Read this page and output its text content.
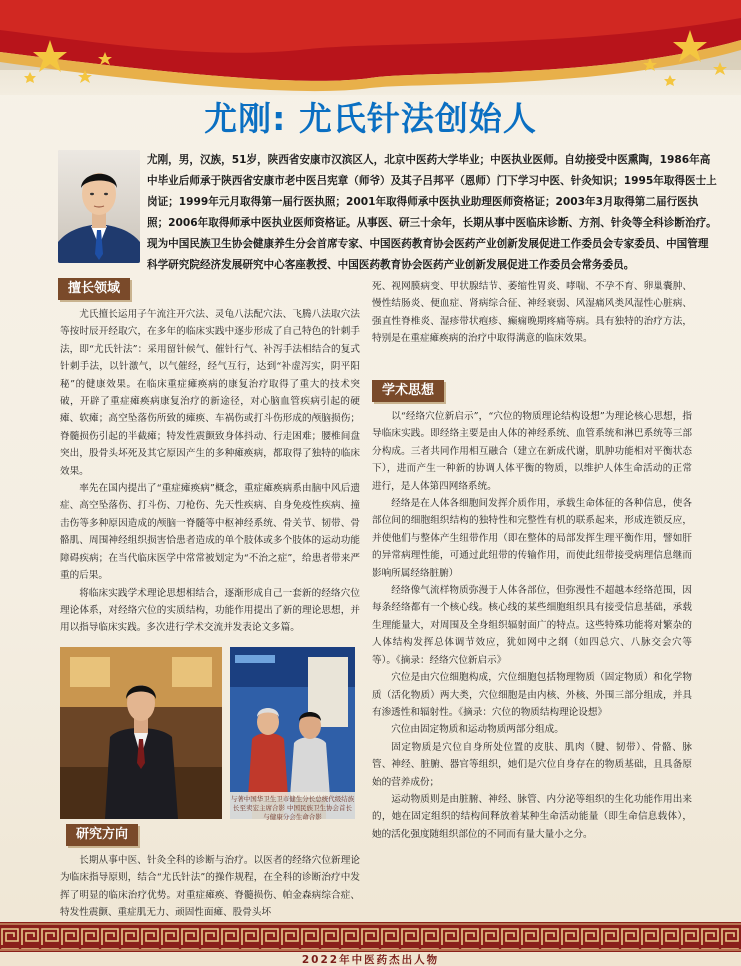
尤刚: 尤氏针法创始人

尤刚，男，汉族，51岁，陕西省安康市汉滨区人，北京中医药大学毕业；中医执业医师。自幼接受中医熏陶，1986年高中毕业后师承于陕西省安康市老中医吕宪章（师爷）及其子吕邦平（恩师）门下学习中医、针灸知识；1995年取得医士上岗证；1999年元月取得第一届行医执照；2001年取得师承中医执业助理医师资格证；2003年3月取得第二届行医执照；2006年取得师承中医执业医师资格证。从事医、研三十余年，长期从事中医临床诊断、方剂、针灸等全科诊断治疗。现为中国民族卫生协会健康养生分会首席专家、中国医药教育协会医药产业创新发展促进工作委员会专家委员、中国管理科学研究院经济发展研究中心客座教授、中国医药教育协会医药产业创新发展促进工作委员会常务委员。

擅长领域

尤氏擅长运用子午流注开穴法、灵龟八法配穴法、飞腾八法取穴法等按时辰开经取穴，在多年的临床实践中逐步形成了自己特色的针刺手法，即“尤氏针法”：采用留针候气、催针行气、补泻手法相结合的复式针刺手法，以针激气，以气催经，经气互行，达到“补虚泻实，阴平阳秘”的健康效果。在临床重症瘫痪病的康复治疗取得了重大的技术突破，开辟了重症瘫痪病康复治疗的新途径，对心脑血管疾病引起的硬瘫、软瘫；高空坠落伤所致的瘫痪、车祸伤或打斗伤形成的颅脑损伤；脊髓损伤引起的半截瘫；特发性震颤致身体抖动、行走困难；腰椎间盘突出，股骨头坏死及其它原因产生的多种瘫痪病，都取得了独特的临床效果。

率先在国内提出了“重症瘫痪病”概念，重症瘫痪病系由脑中风后遗症、高空坠落伤、打斗伤、刀枪伤、先天性疾病、自身免疫性疾病、撞击伤等多种原因造成的颅脑一脊髓等中枢神经系统、骨关节、韧带、骨骼肌、周围神经组织损害恰患者造成的单个肢体或多个肢体的运动功能障碍疾病；在当代临床医学中常常被划定为“不治之症”，给患者带来严重的后果。

将临床实践学术理论思想相结合，逐渐形成自己一套新的经络穴位理论体系，对经络穴位的实质结构，功能作用提出了新的理论思想，并用以指导临床实践。多次进行学术交流并发表论文多篇。

与著中国华卫生卫市健生分长总统代级结族长至卖宏主席合影 中国民族卫生协会首长与健康分会生命合影
研究方向

长期从事中医、针灸全科的诊断与治疗。以医者的经络穴位新理论为临床指导原则，结合“尤氏针法”的操作规程，在全科的诊断治疗中发挥了明显的临床治疗优势。对重症瘫痪、脊髓损伤、帕金森病综合症、特发性震颤、重症肌无力、顽固性面瘫、股骨头坏

死、视网膜病变、甲状腺结节、萎缩性胃炎、哮喘、不孕不育、卵巢囊肿、慢性结肠炎、便血症、肾病综合征、神经衰弱、风湿痛风类风湿性心脏病、强直性脊椎炎、湿疹带状疱疹、癫痫晚期疼痛等病。具有独特的治疗方法，特别是在重症瘫痪病的治疗中取得满意的临床效果。

学术思想

以“经络穴位新启示”，“穴位的物质理论结构设想”为理论核心思想，指导临床实践。即经络主要是由人体的神经系统、血管系统和淋巴系统等三部分构成。三者共同作用相互融合（建立在新成代谢，肌肿功能相对平衡状态下），进而产生一种新的协调人体平衡的物质，以维护人体生命活动的正常进行，是人体第四网络系统。

经络是在人体各细胞间发挥介质作用，承载生命体征的各种信息，使各部位间的细胞组织结构的独特性和完整性有机的联系起来，形成连锁反应，并使他们与整体产生纽带作用（即在整体的局部发挥生理平衡作用，譬如肝的异常病理性能，可通过此纽带的传输作用，而使此纽带接受病理信息继而影响所属经络脏腑）

经络像气流样物质弥漫于人体各部位，但弥漫性不超越本经络范围，因每条经络都有一个核心线。核心线的某些细胞组织具有接受信息基础，承载生理能量大，对周围及全身组织辐射面广的特点。这些特殊功能将对繁杂的人体结构发挥总体调节效应，犹如网中之纲（如四总穴、八脉交会穴等等）。《摘录：经络穴位新启示》

穴位是由穴位细胞构成，穴位细胞包括物理物质（固定物质）和化学物质（活化物质）两大类，穴位细胞是由内核、外核、外围三部分组成，并具有渗透性和辐射性。《摘录：穴位的物质结构理论设想》

穴位由固定物质和运动物质两部分组成。

固定物质是穴位自身所处位置的皮肤、肌肉（腱、韧带）、骨骼、脉管、神经、脏腑、器官等组织，她们是穴位自身存在的物质基础，且具备原始的营养成份；

运动物质则是由脏腑、神经、脉管、内分泌等组织的生化功能作用出来的，她在固定组织的结构间释放着某种生命活动能量（即生命信息载体），她的活化强度随组织部位的不同而有量大量小之分。

2022年中医药杰出人物
